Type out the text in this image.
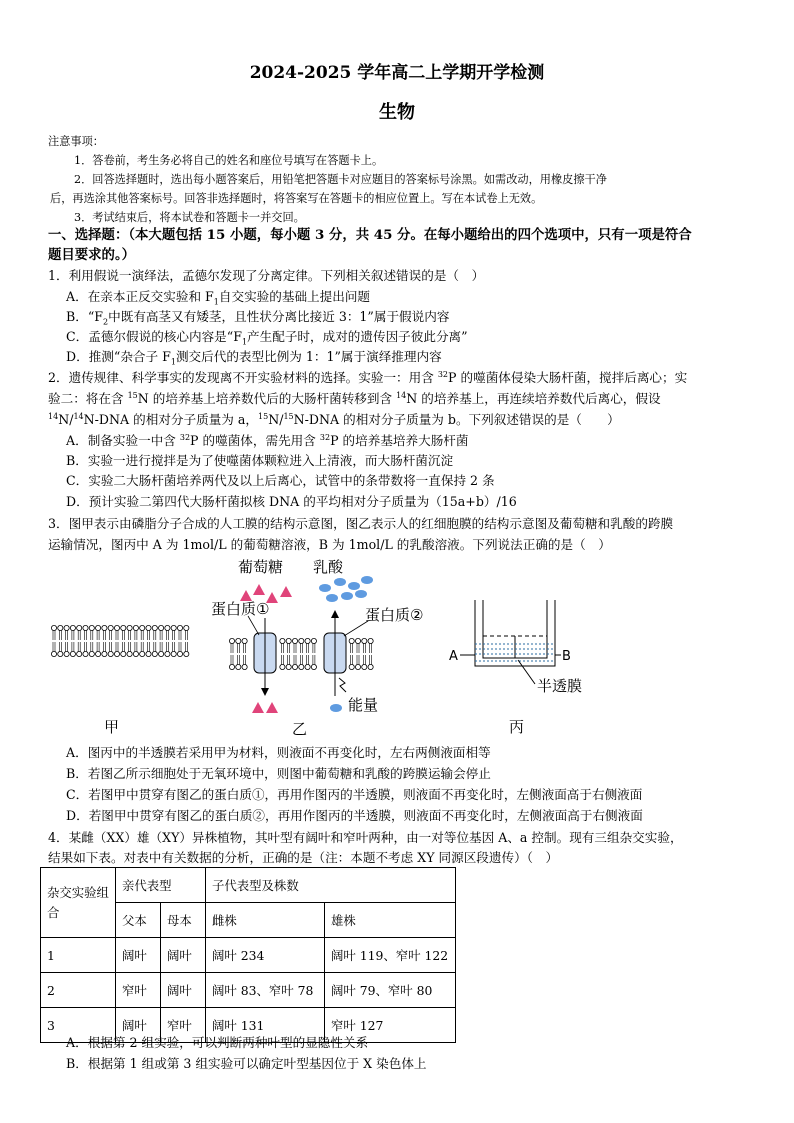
2024-2025 学年高二上学期开学检测
生物
注意事项：
1．答卷前，考生务必将自己的姓名和座位号填写在答题卡上。
2．回答选择题时，选出每小题答案后，用铅笔把答题卡对应题目的答案标号涂黑。如需改动，用橡皮擦干净
后，再选涂其他答案标号。回答非选择题时，将答案写在答题卡的相应位置上。写在本试卷上无效。
3．考试结束后，将本试卷和答题卡一并交回。
一、选择题：（本大题包括 15 小题，每小题 3 分，共 45 分。在每小题给出的四个选项中，只有一项是符合
题目要求的。）
1．利用假说一演绎法，孟德尔发现了分离定律。下列相关叙述错误的是（　）
A．在亲本正反交实验和 $F_1$自交实验的基础上提出问题
B．“$F_2$中既有高茎又有矮茎，且性状分离比接近 3：1”属于假说内容
C．孟德尔假说的核心内容是“$F_1$产生配子时，成对的遗传因子彼此分离”
D．推测“杂合子 $F_1$测交后代的表型比例为 1：1”属于演绎推理内容
2．遗传规律、科学事实的发现离不开实验材料的选择。实验一：用含 $^{32}$P 的噬菌体侵染大肠杆菌，搅拌后离心；实
验二：将在含 $^{15}$N 的培养基上培养数代后的大肠杆菌转移到含 $^{14}$N 的培养基上，再连续培养数代后离心，假设
$^{14}$N/$^{14}$N-DNA 的相对分子质量为 a，$^{15}$N/$^{15}$N-DNA 的相对分子质量为 b。下列叙述错误的是（　　）
A．制备实验一中含 $^{32}$P 的噬菌体，需先用含 $^{32}$P 的培养基培养大肠杆菌
B．实验一进行搅拌是为了使噬菌体颗粒进入上清液，而大肠杆菌沉淀
C．实验二大肠杆菌培养两代及以上后离心，试管中的条带数将一直保持 2 条
D．预计实验二第四代大肠杆菌拟核 DNA 的平均相对分子质量为（15a+b）/16
3．图甲表示由磷脂分子合成的人工膜的结构示意图，图乙表示人的红细胞膜的结构示意图及葡萄糖和乳酸的跨膜
运输情况，图丙中 A 为 1mol/L 的葡萄糖溶液，B 为 1mol/L 的乳酸溶液。下列说法正确的是（　）
葡萄糖 乳酸
蛋白质①	蛋白质②
能量
A	B
半透膜
甲	乙	丙
A．图丙中的半透膜若采用甲为材料，则液面不再变化时，左右两侧液面相等
B．若图乙所示细胞处于无氧环境中，则图中葡萄糖和乳酸的跨膜运输会停止
C．若图甲中贯穿有图乙的蛋白质①，再用作图丙的半透膜，则液面不再变化时，左侧液面高于右侧液面
D．若图甲中贯穿有图乙的蛋白质②，再用作图丙的半透膜，则液面不再变化时，左侧液面高于右侧液面
4．某雌（XX）雄（XY）异株植物，其叶型有阔叶和窄叶两种，由一对等位基因 A、a 控制。现有三组杂交实验，
结果如下表。对表中有关数据的分析，正确的是（注：本题不考虑 XY 同源区段遗传）（　）
杂交实验组合	亲代表型		子代表型及株数	
	父本	母本	雌株	雄株
1	阔叶	阔叶	阔叶 234	阔叶 119、窄叶 122
2	窄叶	阔叶	阔叶 83、窄叶 78	阔叶 79、窄叶 80
3	阔叶	窄叶	阔叶 131	窄叶 127
A．根据第 2 组实验，可以判断两种叶型的显隐性关系
B．根据第 1 组或第 3 组实验可以确定叶型基因位于 X 染色体上
